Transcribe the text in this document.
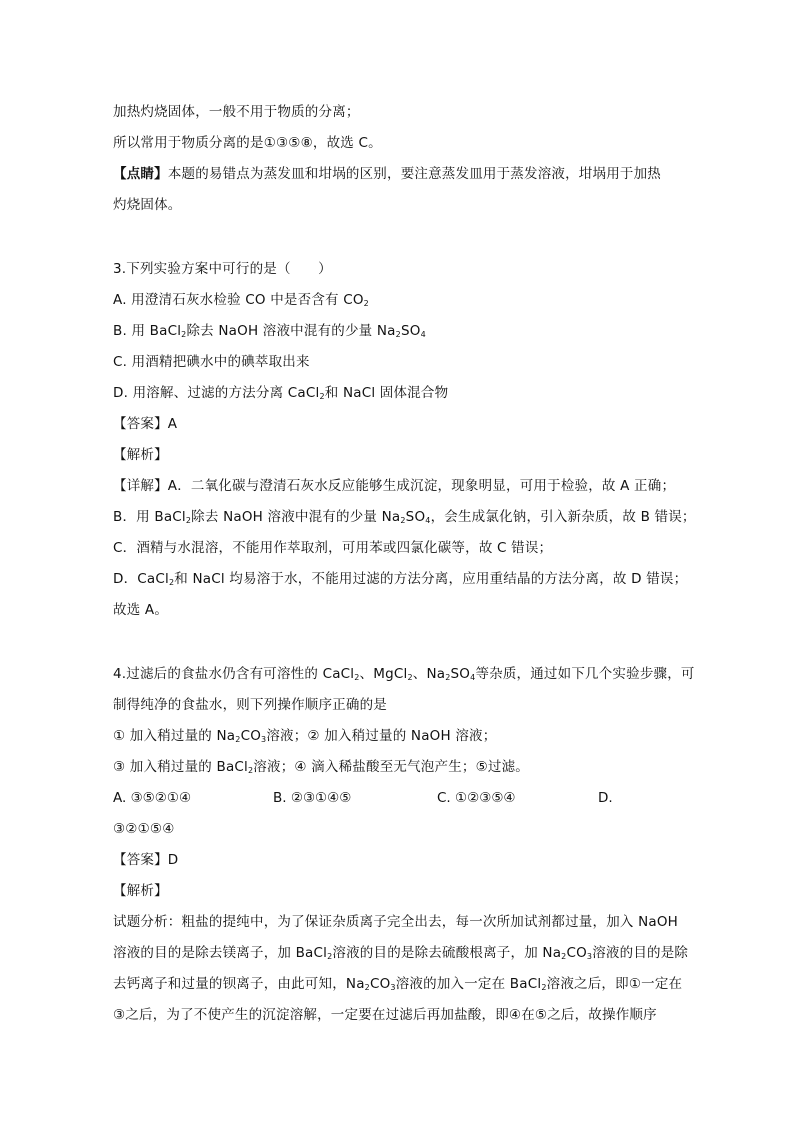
加热灼烧固体，一般不用于物质的分离；
所以常用于物质分离的是①③⑤⑧，故选 C。
【点睛】本题的易错点为蒸发皿和坩埚的区别，要注意蒸发皿用于蒸发溶液，坩埚用于加热
灼烧固体。
3.下列实验方案中可行的是（　　）
A. 用澄清石灰水检验 CO 中是否含有 $CO_2$
B. 用 BaCl$_2$除去 NaOH 溶液中混有的少量 $Na_2SO_4$
C. 用酒精把碘水中的碘萃取出来
D. 用溶解、过滤的方法分离 CaCl$_2$和 NaCl 固体混合物
【答案】A
【解析】
【详解】A．二氧化碳与澄清石灰水反应能够生成沉淀，现象明显，可用于检验，故 A 正确；
B．用 BaCl$_2$除去 NaOH 溶液中混有的少量 $Na_2SO_4$，会生成氯化钠，引入新杂质，故 B 错误；
C．酒精与水混溶，不能用作萃取剂，可用苯或四氯化碳等，故 C 错误；
D．CaCl$_2$和 NaCl 均易溶于水，不能用过滤的方法分离，应用重结晶的方法分离，故 D 错误；
故选 A。
4.过滤后的食盐水仍含有可溶性的 CaCl$_2$、MgCl$_2$、$Na_2SO_4$等杂质，通过如下几个实验步骤，可
制得纯净的食盐水，则下列操作顺序正确的是
① 加入稍过量的 $Na_2CO_3$溶液；② 加入稍过量的 NaOH 溶液；
③ 加入稍过量的 BaCl$_2$溶液；④ 滴入稀盐酸至无气泡产生；⑤过滤。
A. ③⑤②①④	B. ②③①④⑤	C. ①②③⑤④	D.
③②①⑤④
【答案】D
【解析】
试题分析：粗盐的提纯中，为了保证杂质离子完全出去，每一次所加试剂都过量，加入 NaOH
溶液的目的是除去镁离子，加 BaCl$_2$溶液的目的是除去硫酸根离子，加 $Na_2CO_3$溶液的目的是除
去钙离子和过量的钡离子，由此可知，$Na_2CO_3$溶液的加入一定在 BaCl$_2$溶液之后，即①一定在
③之后，为了不使产生的沉淀溶解，一定要在过滤后再加盐酸，即④在⑤之后，故操作顺序
